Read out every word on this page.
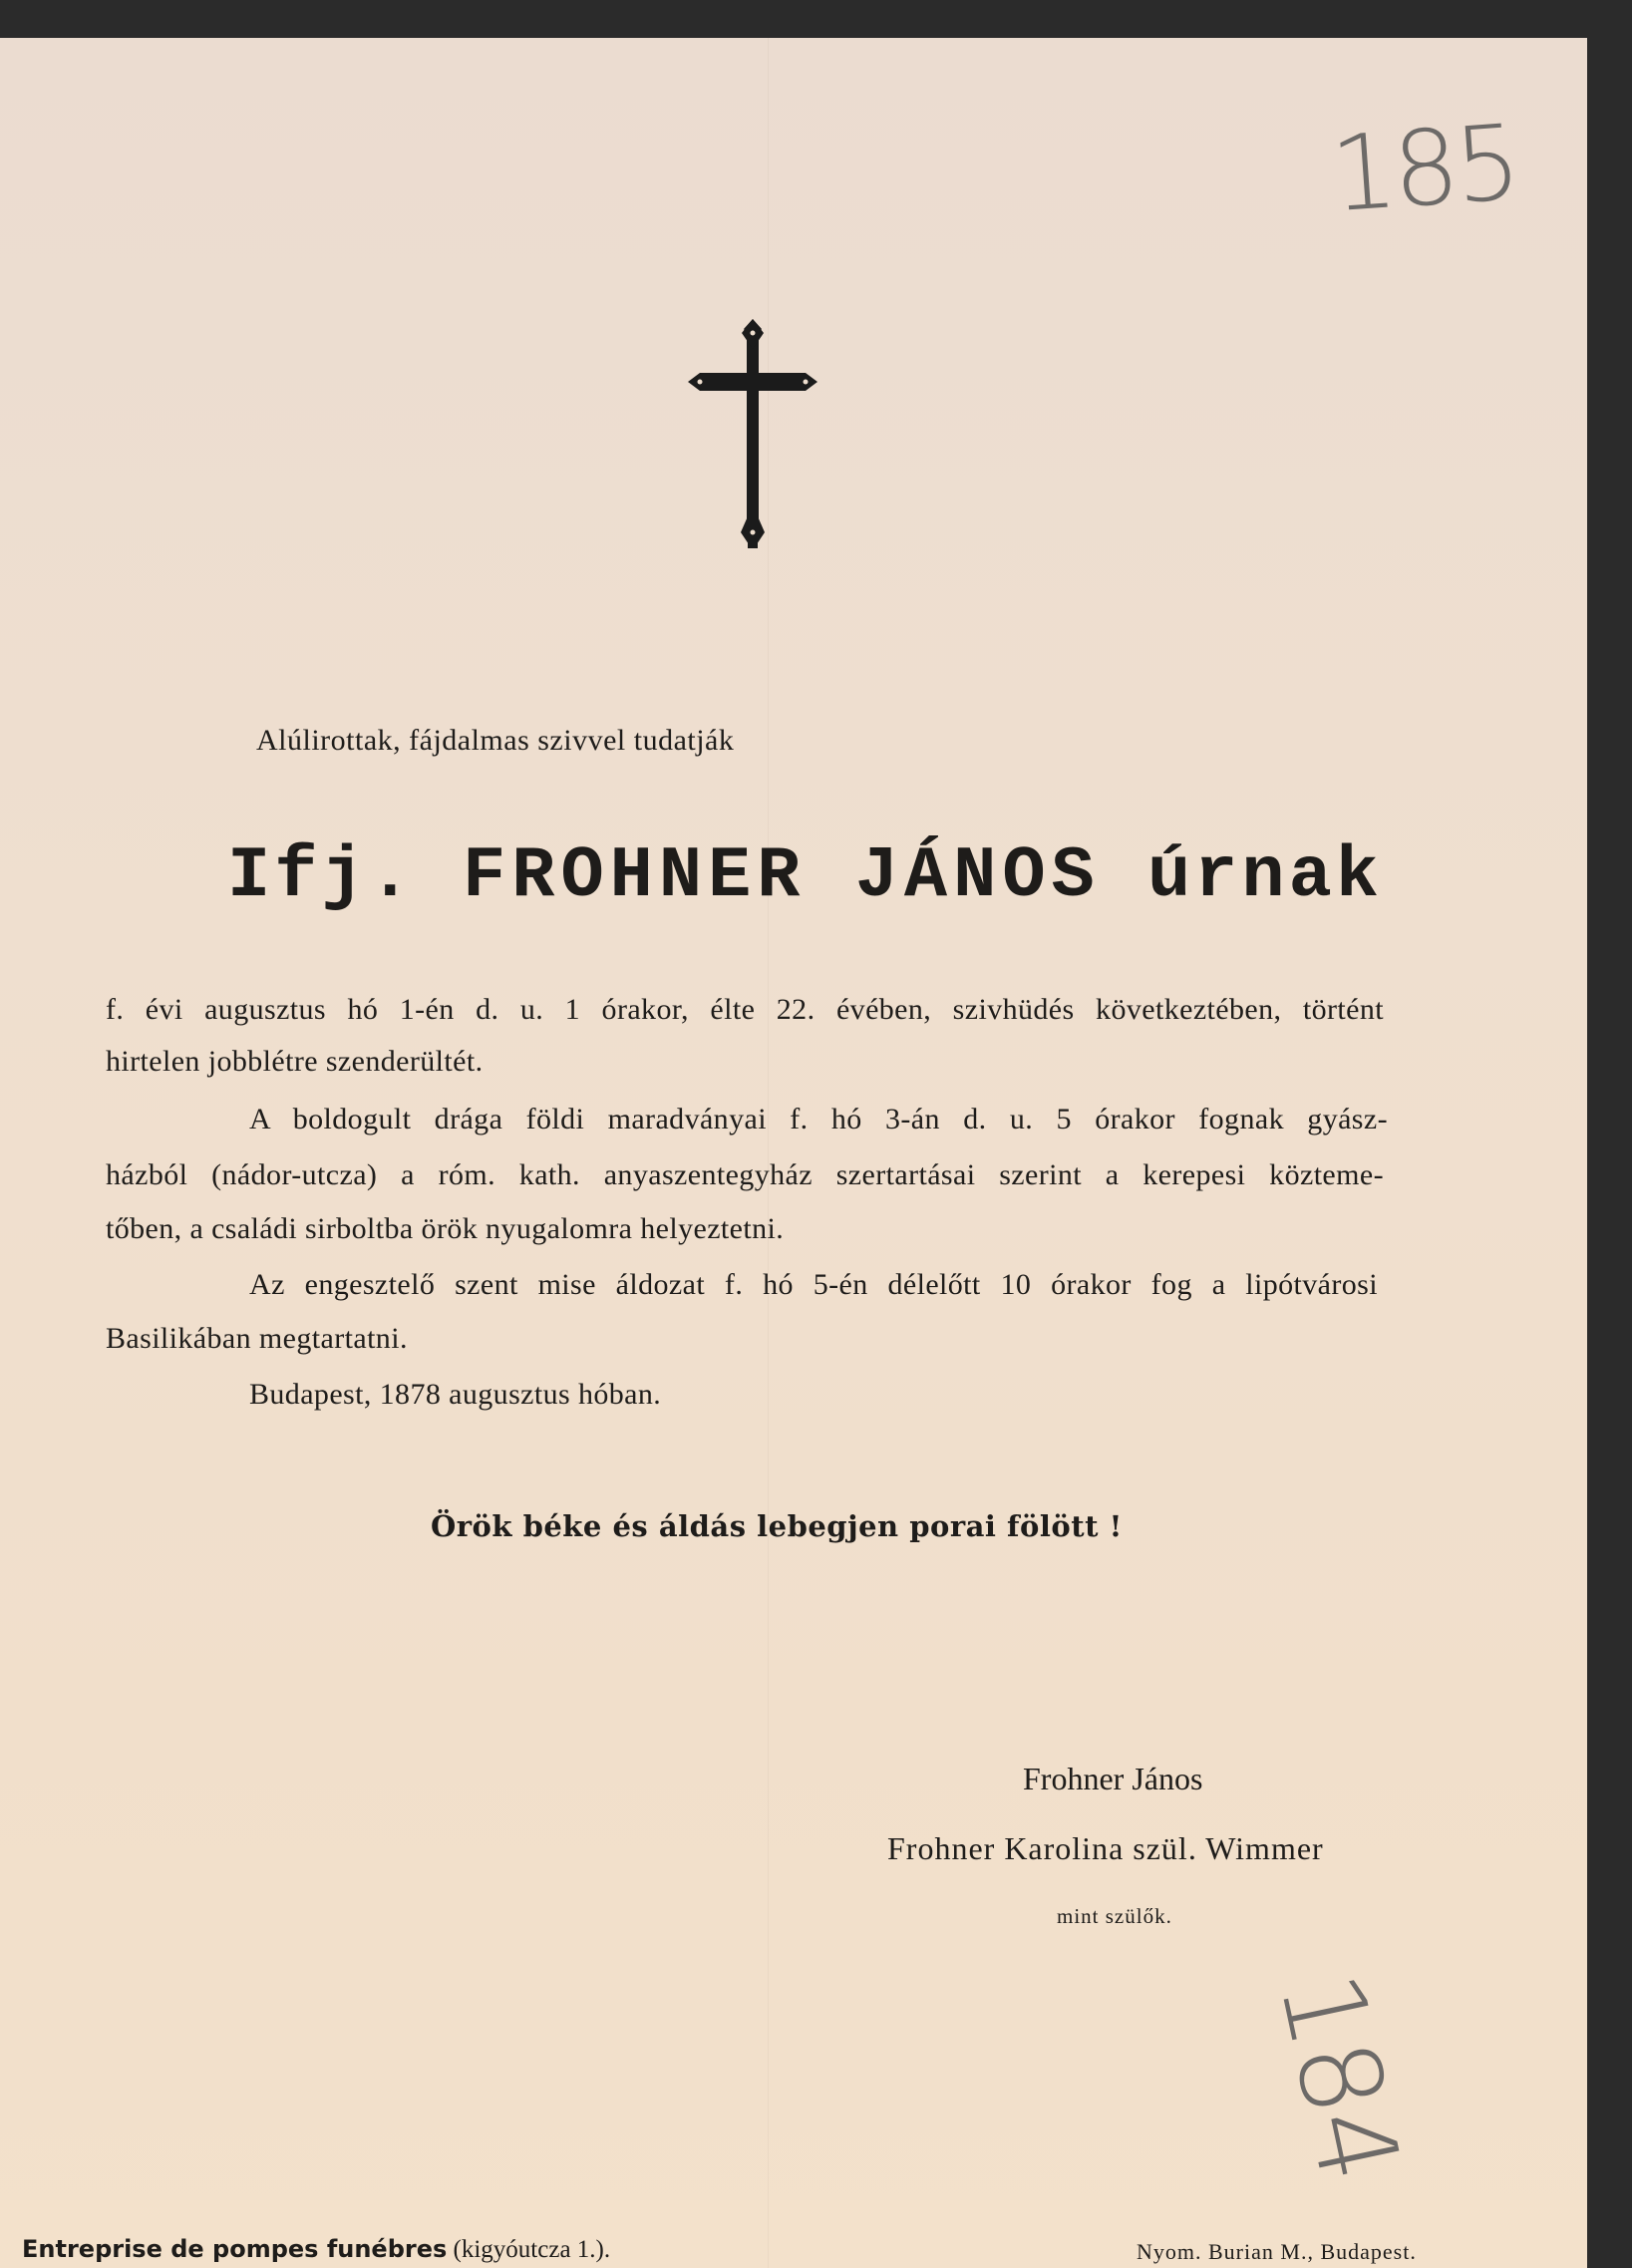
185
184
Alúlirottak, fájdalmas szivvel tudatják
Ifj. FROHNER JÁNOS úrnak
f. évi augusztus hó 1-én d. u. 1 órakor, élte 22. évében, szivhüdés következtében, történt
hirtelen jobblétre szenderültét.
A boldogult drága földi maradványai f. hó 3-án d. u. 5 órakor fognak gyász-
házból (nádor-utcza) a róm. kath. anyaszentegyház szertartásai szerint a kerepesi közteme-
tőben, a családi sirboltba örök nyugalomra helyeztetni.
Az engesztelő szent mise áldozat f. hó 5-én délelőtt 10 órakor fog a lipótvárosi
Basilikában megtartatni.
Budapest, 1878 augusztus hóban.
Örök béke és áldás lebegjen porai fölött !
Frohner János
Frohner Karolina szül. Wimmer
mint szülők.
Entreprise de pompes funébres (kigyóutcza 1.).	Nyom. Burian M., Budapest.
